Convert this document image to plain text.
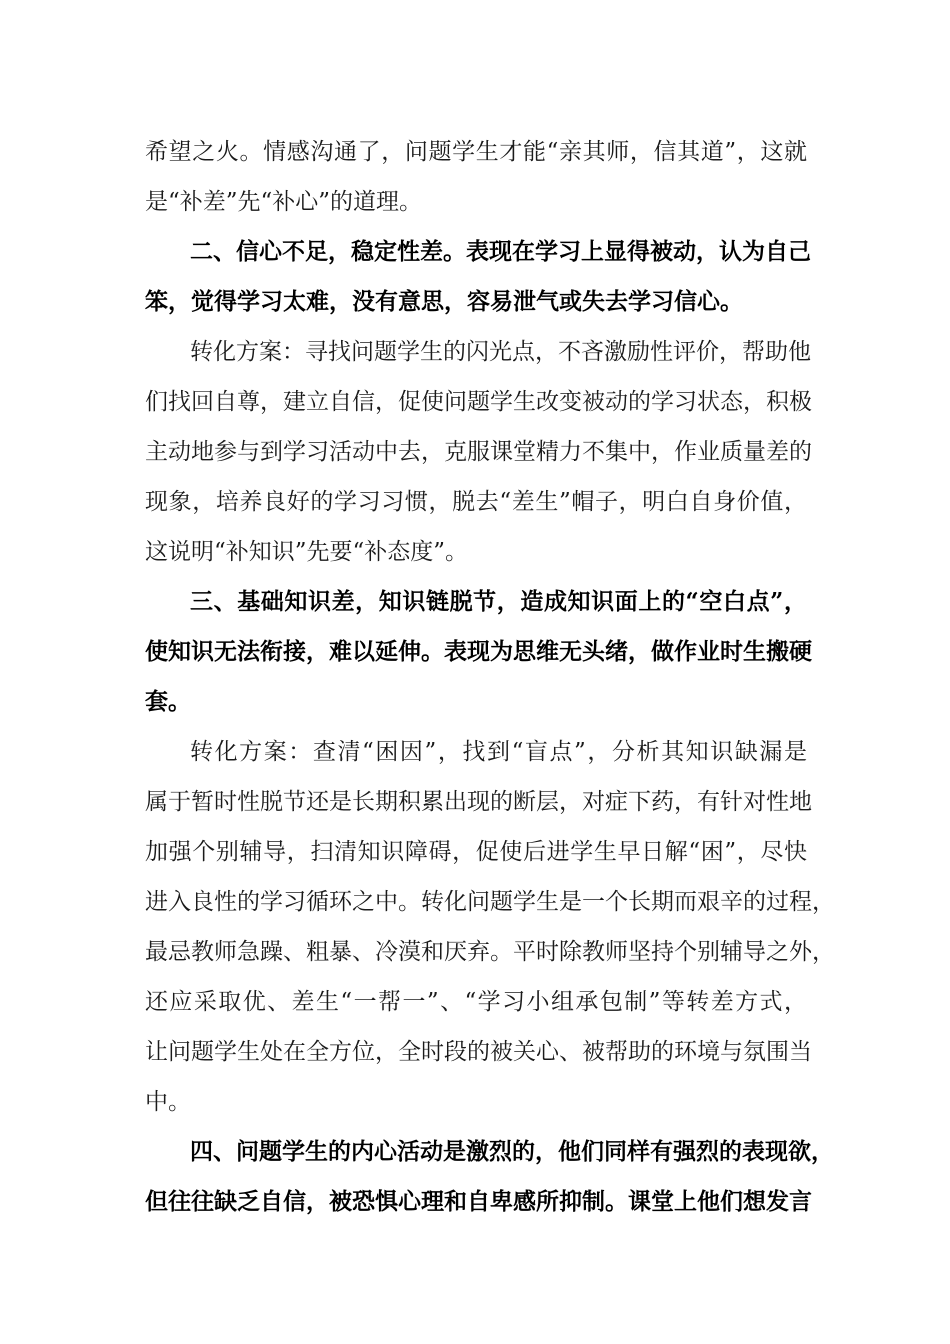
希望之火。情感沟通了，问题学生才能“亲其师，信其道”，这就
是“补差”先“补心”的道理。
二、信心不足，稳定性差。表现在学习上显得被动，认为自己
笨，觉得学习太难，没有意思，容易泄气或失去学习信心。
转化方案：寻找问题学生的闪光点，不吝激励性评价，帮助他
们找回自尊，建立自信，促使问题学生改变被动的学习状态，积极
主动地参与到学习活动中去，克服课堂精力不集中，作业质量差的
现象，培养良好的学习习惯，脱去“差生”帽子，明白自身价值，
这说明“补知识”先要“补态度”。
三、基础知识差，知识链脱节，造成知识面上的“空白点”，
使知识无法衔接，难以延伸。表现为思维无头绪，做作业时生搬硬
套。
转化方案：查清“困因”，找到“盲点”，分析其知识缺漏是
属于暂时性脱节还是长期积累出现的断层，对症下药，有针对性地
加强个别辅导，扫清知识障碍，促使后进学生早日解“困”，尽快
进入良性的学习循环之中。转化问题学生是一个长期而艰辛的过程，
最忌教师急躁、粗暴、冷漠和厌弃。平时除教师坚持个别辅导之外，
还应采取优、差生“一帮一”、“学习小组承包制”等转差方式，
让问题学生处在全方位，全时段的被关心、被帮助的环境与氛围当
中。
四、问题学生的内心活动是激烈的，他们同样有强烈的表现欲，
但往往缺乏自信，被恐惧心理和自卑感所抑制。课堂上他们想发言
